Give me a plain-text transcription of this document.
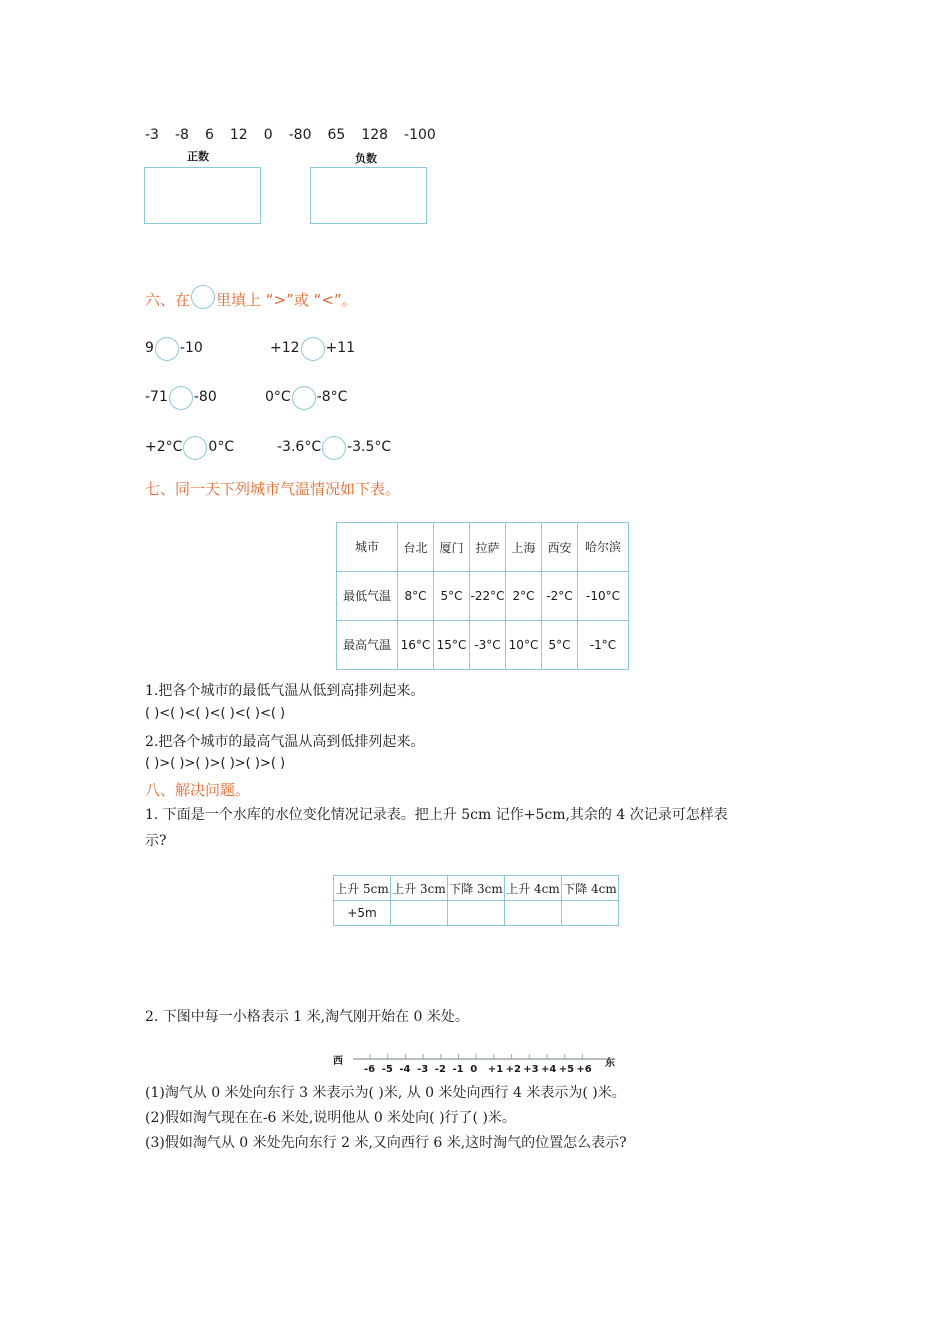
-3 -8 6 12 0 -80 65 128 -100
正数	负数
六、在 里填上 “>”或 “<”。
9 -10	+12 +11
-71 -80	0°C -8°C
+2°C 0°C	-3.6°C -3.5°C
七、同一天下列城市气温情况如下表。
城市	台北	厦门	拉萨	上海	西安	哈尔滨
最低气温	8°C	5°C	-22°C	2°C	-2°C	-10°C
最高气温	16°C	15°C	-3°C	10°C	5°C	-1°C
1.把各个城市的最低气温从低到高排列起来。
( )<( )<( )<( )<( )<( )
2.把各个城市的最高气温从高到低排列起来。
( )>( )>( )>( )>( )>( )
八、解决问题。
1. 下面是一个水库的水位变化情况记录表。把上升 5cm 记作+5cm,其余的 4 次记录可怎样表
示?
上升 5cm	上升 3cm	下降 3cm	上升 4cm	下降 4cm
+5m				
2. 下图中每一小格表示 1 米,淘气刚开始在 0 米处。
西	东
-6 -5 -4 -3 -2 -1 0 +1 +2 +3 +4 +5 +6
(1)淘气从 0 米处向东行 3 米表示为( )米, 从 0 米处向西行 4 米表示为( )米。
(2)假如淘气现在在-6 米处,说明他从 0 米处向( )行了( )米。
(3)假如淘气从 0 米处先向东行 2 米,又向西行 6 米,这时淘气的位置怎么表示?
